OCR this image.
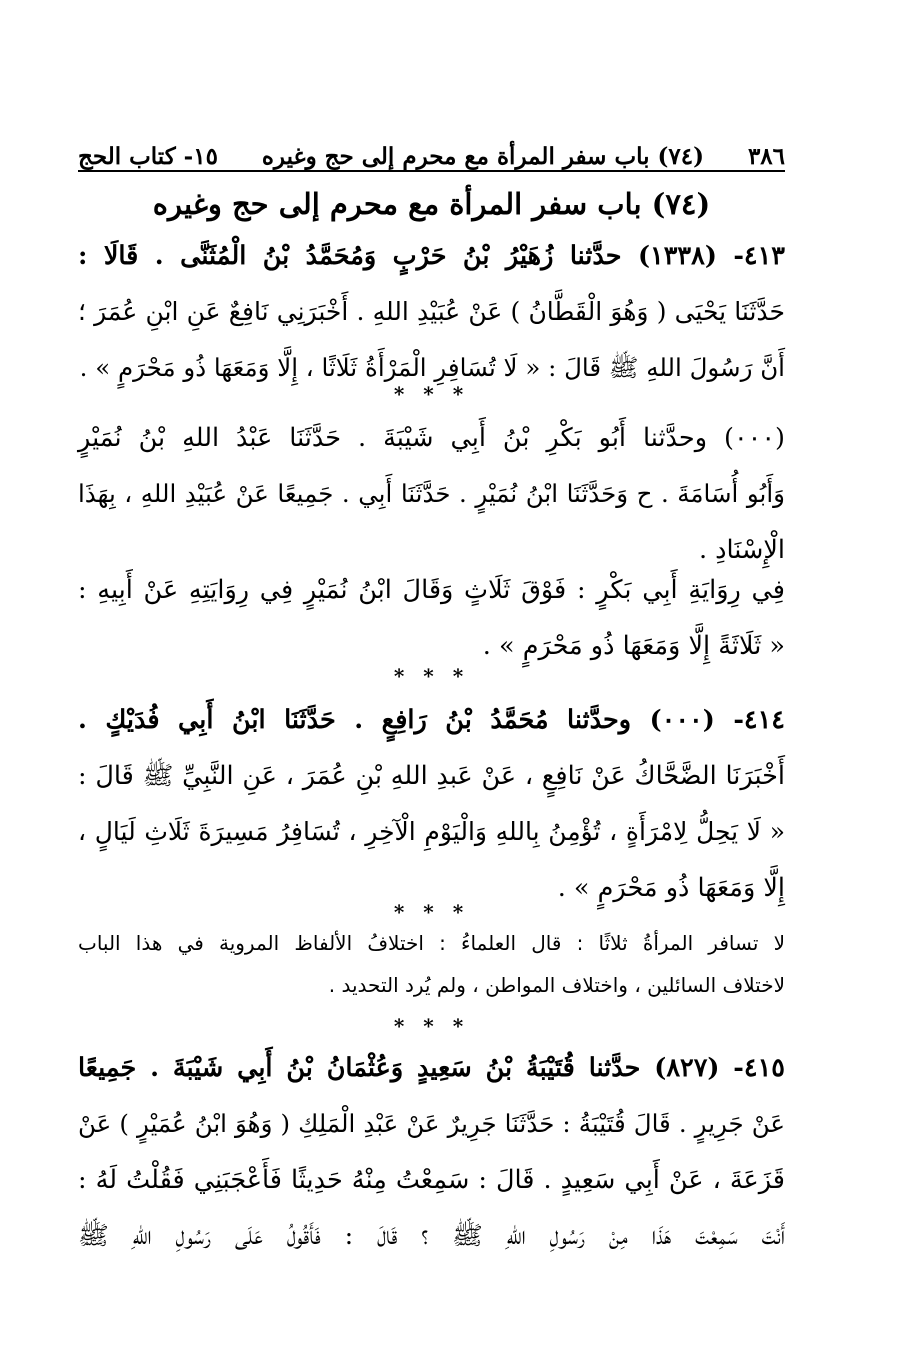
٣٨٦
(٧٤) باب سفر المرأة مع محرم إلى حج وغيره
١٥- كتاب الحج
(٧٤) باب سفر المرأة مع محرم إلى حج وغيره
٤١٣- (١٣٣٨) حدَّثنا زُهَيْرُ بْنُ حَرْبٍ وَمُحَمَّدُ بْنُ الْمُثَنَّى . قَالَا :
حَدَّثَنَا يَحْيَى ( وَهُوَ الْقَطَّانُ ) عَنْ عُبَيْدِ اللهِ . أَخْبَرَنِي نَافِعٌ عَنِ ابْنِ عُمَرَ ؛
أَنَّ رَسُولَ اللهِ ﷺ قَالَ : « لَا تُسَافِرِ الْمَرْأَةُ ثَلَاثًا ، إِلَّا وَمَعَهَا ذُو مَحْرَمٍ » .
* * *
(٠٠٠) وحدَّثنا أَبُو بَكْرِ بْنُ أَبِي شَيْبَةَ . حَدَّثَنَا عَبْدُ اللهِ بْنُ نُمَيْرٍ
وَأَبُو أُسَامَةَ . ح وَحَدَّثَنَا ابْنُ نُمَيْرٍ . حَدَّثَنَا أَبِي . جَمِيعًا عَنْ عُبَيْدِ اللهِ ، بِهَذَا
الْإِسْنَادِ .
فِي رِوَايَةِ أَبِي بَكْرٍ : فَوْقَ ثَلَاثٍ وَقَالَ ابْنُ نُمَيْرٍ فِي رِوَايَتِهِ عَنْ أَبِيهِ :
« ثَلَاثَةً إِلَّا وَمَعَهَا ذُو مَحْرَمٍ » .
* * *
٤١٤- (٠٠٠) وحدَّثنا مُحَمَّدُ بْنُ رَافِعٍ . حَدَّثَنَا ابْنُ أَبِي فُدَيْكٍ .
أَخْبَرَنَا الضَّحَّاكُ عَنْ نَافِعٍ ، عَنْ عَبدِ اللهِ بْنِ عُمَرَ ، عَنِ النَّبِيِّ ﷺ قَالَ :
« لَا يَحِلُّ لِامْرَأَةٍ ، تُؤْمِنُ بِاللهِ وَالْيَوْمِ الْآخِرِ ، تُسَافِرُ مَسِيرَةَ ثَلَاثِ لَيَالٍ ،
إِلَّا وَمَعَهَا ذُو مَحْرَمٍ » .
* * *
لا تسافر المرأةُ ثلاثًا : قال العلماءُ : اختلافُ الألفاظ المروية في هذا الباب
لاختلاف السائلين ، واختلاف المواطن ، ولم يُرد التحديد .
* * *
٤١٥- (٨٢٧) حدَّثنا قُتَيْبَةُ بْنُ سَعِيدٍ وَعُثْمَانُ بْنُ أَبِي شَيْبَةَ . جَمِيعًا
عَنْ جَرِيرٍ . قَالَ قُتَيْبَةُ : حَدَّثَنَا جَرِيرٌ عَنْ عَبْدِ الْمَلِكِ ( وَهُوَ ابْنُ عُمَيْرٍ ) عَنْ
قَزَعَةَ ، عَنْ أَبِي سَعِيدٍ . قَالَ : سَمِعْتُ مِنْهُ حَدِيثًا فَأَعْجَبَنِي فَقُلْتُ لَهُ :
أَنْتَ سَمِعْتَ هَذَا مِنْ رَسُولِ اللهِ ﷺ ؟ قَالَ : فَأَقُولُ عَلَى رَسُولِ اللهِ ﷺ
